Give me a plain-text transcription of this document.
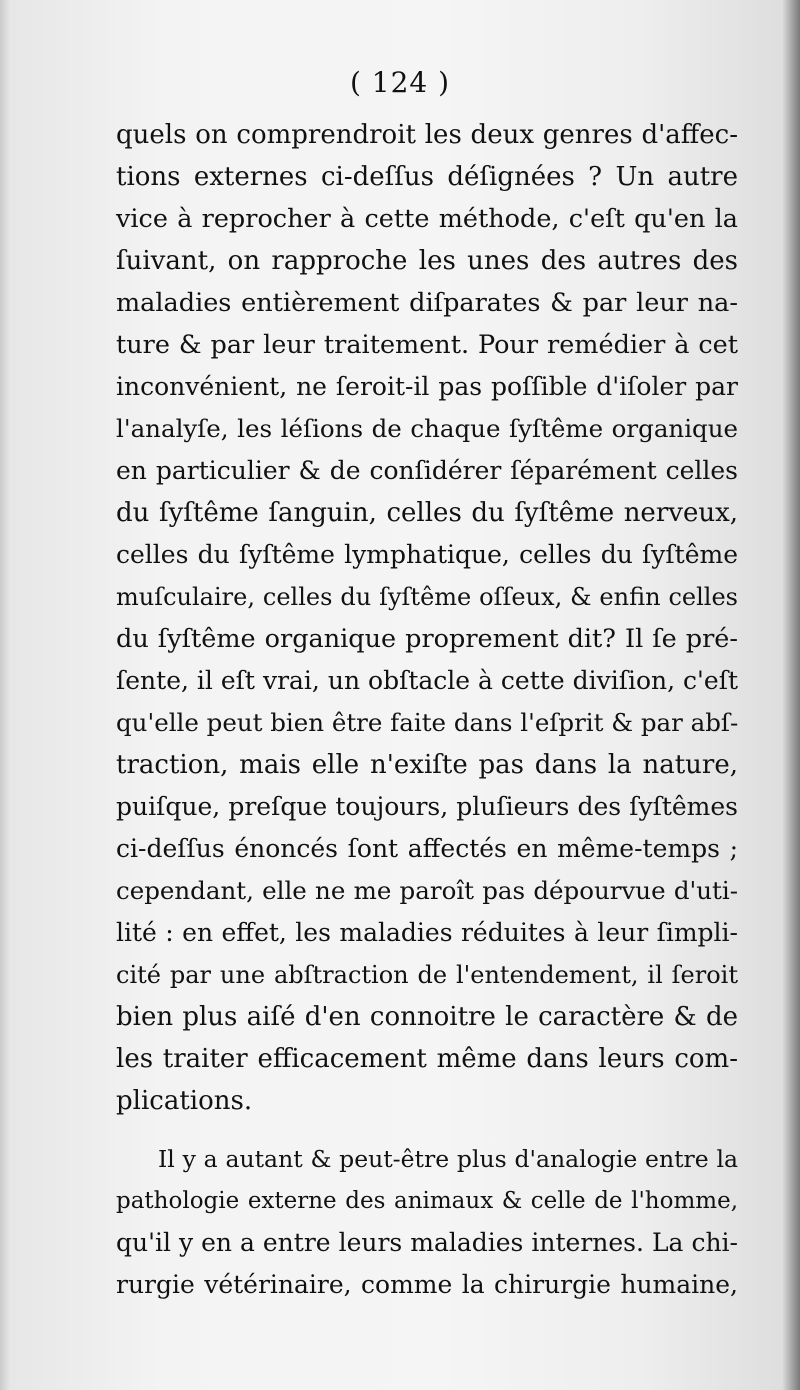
( 124 )
quels on comprendroit les deux genres d'affec-
tions externes ci-deſſus déſignées ? Un autre
vice à reprocher à cette méthode, c'eſt qu'en la
ſuivant, on rapproche les unes des autres des
maladies entièrement diſparates & par leur na-
ture & par leur traitement. Pour remédier à cet
inconvénient, ne ſeroit-il pas poſſible d'iſoler par
l'analyſe, les léſions de chaque ſyſtême organique
en particulier & de conſidérer ſéparément celles
du ſyſtême ſanguin, celles du ſyſtême nerveux,
celles du ſyſtême lymphatique, celles du ſyſtême
muſculaire, celles du ſyſtême oſſeux, & enfin celles
du ſyſtême organique proprement dit? Il ſe pré-
ſente, il eſt vrai, un obſtacle à cette diviſion, c'eſt
qu'elle peut bien être faite dans l'eſprit & par abſ-
traction, mais elle n'exiſte pas dans la nature,
puiſque, preſque toujours, pluſieurs des ſyſtêmes
ci-deſſus énoncés ſont affectés en même-temps ;
cependant, elle ne me paroît pas dépourvue d'uti-
lité : en effet, les maladies réduites à leur ſimpli-
cité par une abſtraction de l'entendement, il ſeroit
bien plus aiſé d'en connoitre le caractère & de
les traiter efficacement même dans leurs com-
plications.
Il y a autant & peut-être plus d'analogie entre la
pathologie externe des animaux & celle de l'homme,
qu'il y en a entre leurs maladies internes. La chi-
rurgie vétérinaire, comme la chirurgie humaine,
